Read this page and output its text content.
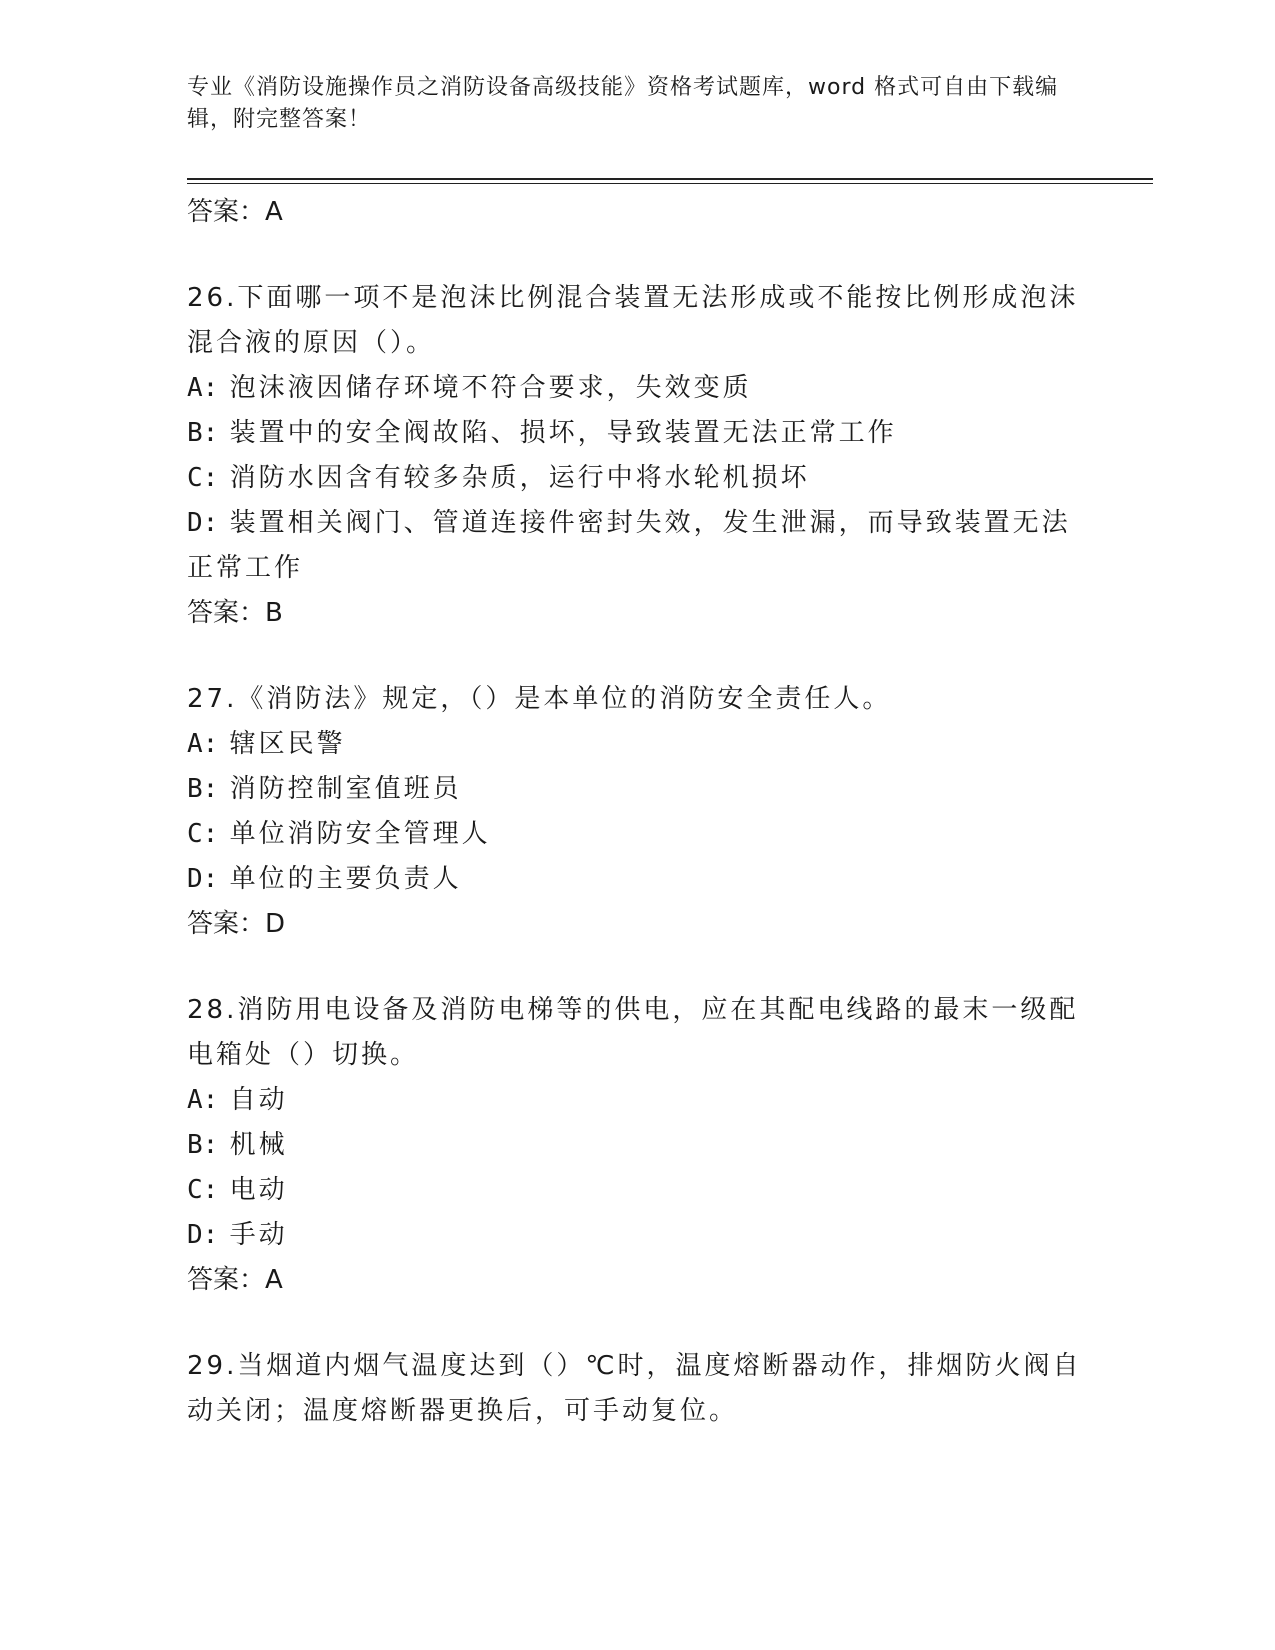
专业《消防设施操作员之消防设备高级技能》资格考试题库，word 格式可自由下载编辑，附完整答案！

答案：A

26.下面哪一项不是泡沫比例混合装置无法形成或不能按比例形成泡沫混合液的原因（）。

A: 泡沫液因储存环境不符合要求，失效变质

B: 装置中的安全阀故陷、损坏，导致装置无法正常工作

C: 消防水因含有较多杂质，运行中将水轮机损坏

D: 装置相关阀门、管道连接件密封失效，发生泄漏，而导致装置无法正常工作

答案：B

27.《消防法》规定，（）是本单位的消防安全责任人。

A: 辖区民警

B: 消防控制室值班员

C: 单位消防安全管理人

D: 单位的主要负责人

答案：D

28.消防用电设备及消防电梯等的供电，应在其配电线路的最末一级配电箱处（）切换。

A: 自动

B: 机械

C: 电动

D: 手动

答案：A

29.当烟道内烟气温度达到（）℃时，温度熔断器动作，排烟防火阀自动关闭；温度熔断器更换后，可手动复位。
